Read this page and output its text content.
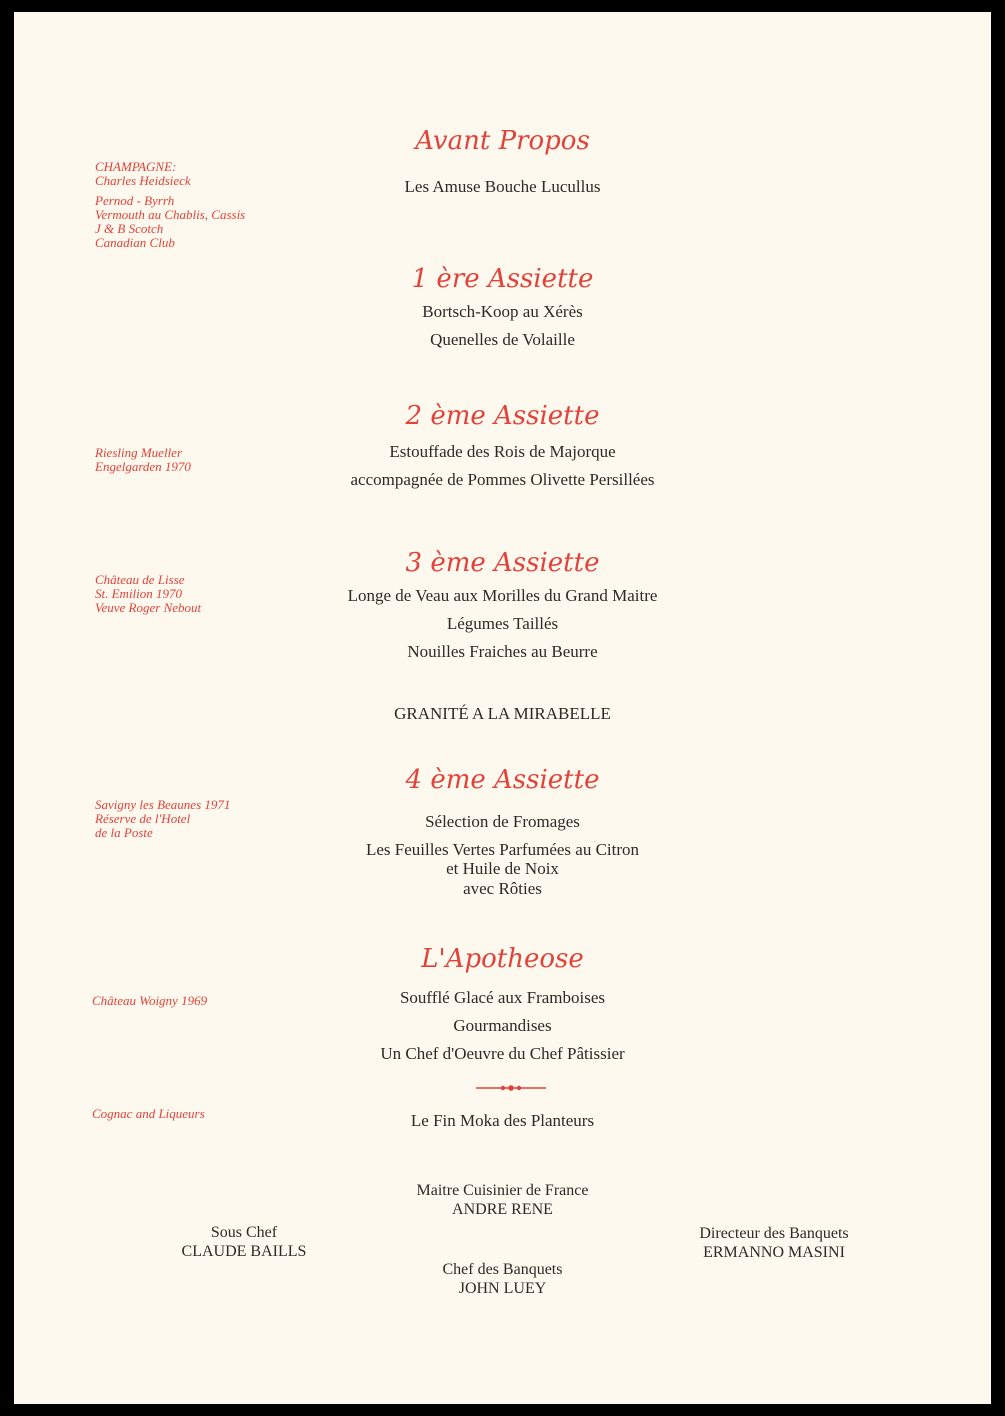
CHAMPAGNE:
Charles Heidsieck
Pernod - Byrrh
Vermouth au Chablis, Cassis
J & B Scotch
Canadian Club
Riesling Mueller
Engelgarden 1970
Château de Lisse
St. Emilion 1970
Veuve Roger Nebout
Savigny les Beaunes 1971
Réserve de l'Hotel
de la Poste
Château Woigny 1969
Cognac and Liqueurs
Avant Propos
Les Amuse Bouche Lucullus
1 ère Assiette
Bortsch-Koop au Xérès
Quenelles de Volaille
2 ème Assiette
Estouffade des Rois de Majorque
accompagnée de Pommes Olivette Persillées
3 ème Assiette
Longe de Veau aux Morilles du Grand Maitre
Légumes Taillés
Nouilles Fraiches au Beurre
GRANITÉ A LA MIRABELLE
4 ème Assiette
Sélection de Fromages
Les Feuilles Vertes Parfumées au Citron
et Huile de Noix
avec Rôties
L'Apotheose
Soufflé Glacé aux Framboises
Gourmandises
Un Chef d'Oeuvre du Chef Pâtissier
Le Fin Moka des Planteurs
Maitre Cuisinier de France
ANDRE RENE
Sous Chef
CLAUDE BAILLS
Directeur des Banquets
ERMANNO MASINI
Chef des Banquets
JOHN LUEY
